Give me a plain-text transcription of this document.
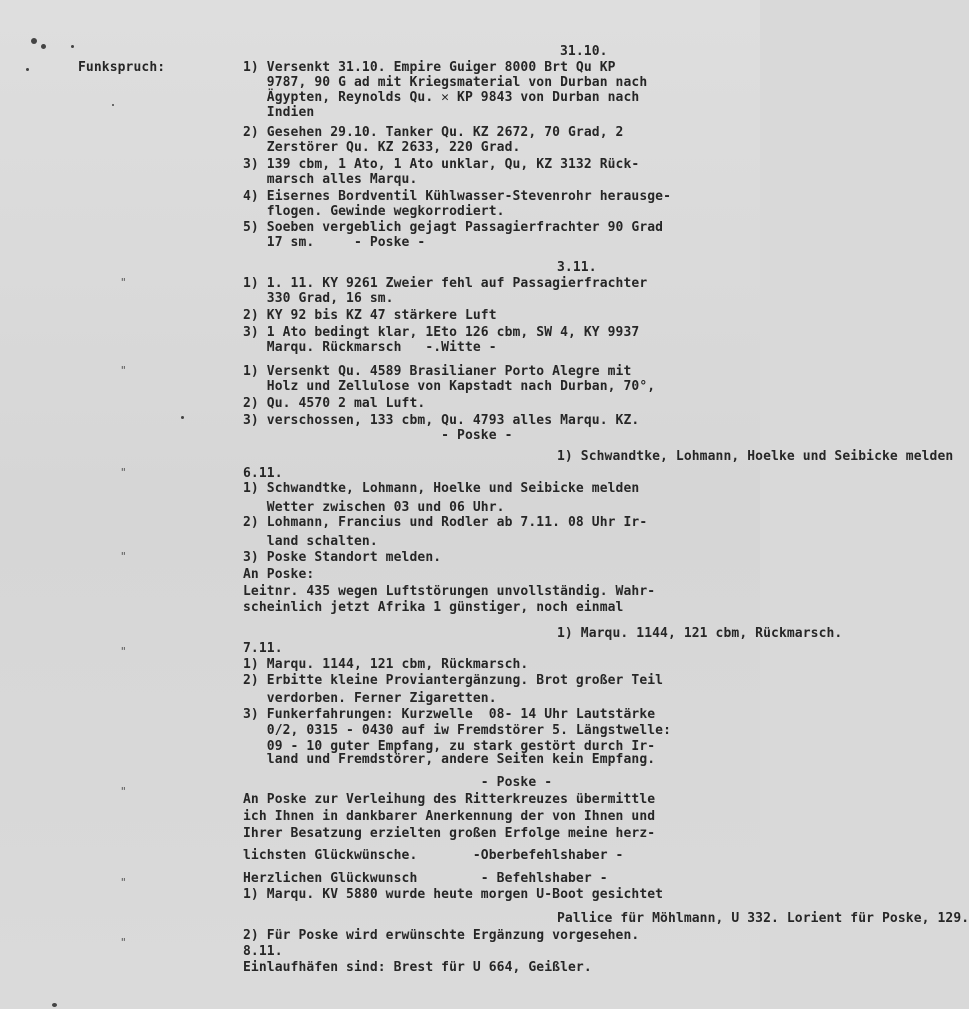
Funkspruch:
"
"
"
"
"
"
"
"
31.10.
3.11.
1) Schwandtke, Lohmann, Hoelke und Seibicke melden
1) Marqu. 1144, 121 cbm, Rückmarsch.
Pallice für Möhlmann, U 332. Lorient für Poske, 129.
1) Versenkt 31.10. Empire Guiger 8000 Brt Qu KP
9787, 90 G ad mit Kriegsmaterial von Durban nach
Ägypten, Reynolds Qu. ✕ KP 9843 von Durban nach
Indien
2) Gesehen 29.10. Tanker Qu. KZ 2672, 70 Grad, 2
Zerstörer Qu. KZ 2633, 220 Grad.
3) 139 cbm, 1 Ato, 1 Ato unklar, Qu, KZ 3132 Rück-
marsch alles Marqu.
4) Eisernes Bordventil Kühlwasser-Stevenrohr herausge-
flogen. Gewinde wegkorrodiert.
5) Soeben vergeblich gejagt Passagierfrachter 90 Grad
17 sm.     - Poske -
1) 1. 11. KY 9261 Zweier fehl auf Passagierfrachter
330 Grad, 16 sm.
2) KY 92 bis KZ 47 stärkere Luft
3) 1 Ato bedingt klar, 1Eto 126 cbm, SW 4, KY 9937
Marqu. Rückmarsch   -.Witte -
1) Versenkt Qu. 4589 Brasilianer Porto Alegre mit
Holz und Zellulose von Kapstadt nach Durban, 70°,
2) Qu. 4570 2 mal Luft.
3) verschossen, 133 cbm, Qu. 4793 alles Marqu. KZ.
- Poske -
6.11.
1) Schwandtke, Lohmann, Hoelke und Seibicke melden
Wetter zwischen 03 und 06 Uhr.
2) Lohmann, Francius und Rodler ab 7.11. 08 Uhr Ir-
land schalten.
3) Poske Standort melden.
An Poske:
Leitnr. 435 wegen Luftstörungen unvollständig. Wahr-
scheinlich jetzt Afrika 1 günstiger, noch einmal
7.11.
1) Marqu. 1144, 121 cbm, Rückmarsch.
2) Erbitte kleine Proviantergänzung. Brot großer Teil
verdorben. Ferner Zigaretten.
3) Funkerfahrungen: Kurzwelle  08- 14 Uhr Lautstärke
0/2, 0315 - 0430 auf iw Fremdstörer 5. Längstwelle:
09 - 10 guter Empfang, zu stark gestört durch Ir-
land und Fremdstörer, andere Seiten kein Empfang.
- Poske -
An Poske zur Verleihung des Ritterkreuzes übermittle
ich Ihnen in dankbarer Anerkennung der von Ihnen und
Ihrer Besatzung erzielten großen Erfolge meine herz-
lichsten Glückwünsche.       -Oberbefehlshaber -
Herzlichen Glückwunsch        - Befehlshaber -
1) Marqu. KV 5880 wurde heute morgen U-Boot gesichtet
2) Für Poske wird erwünschte Ergänzung vorgesehen.
8.11.
Einlaufhäfen sind: Brest für U 664, Geißler.
